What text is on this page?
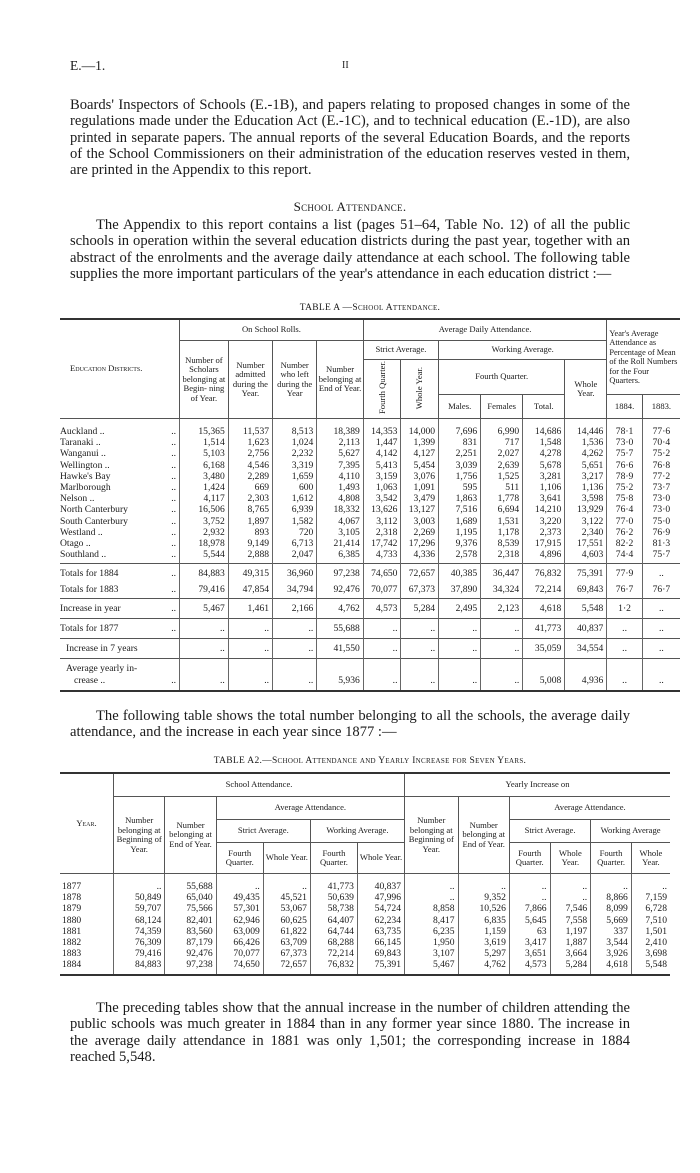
E.—1.	II

Boards' Inspectors of Schools (E.-1B), and papers relating to proposed changes in some of the regulations made under the Education Act (E.-1C), and to technical education (E.-1D), are also printed in separate papers. The annual reports of the several Education Boards, and the reports of the School Commissioners on their administration of the education reserves vested in them, are printed in the Appendix to this report.

School Attendance.

The Appendix to this report contains a list (pages 51–64, Table No. 12) of all the public schools in operation within the several education districts during the past year, together with an abstract of the enrolments and the average daily attendance at each school. The following table supplies the more important particulars of the year's attendance in each education district :—

TABLE A —School Attendance.
Education Districts.	On School Rolls.				Average Daily Attendance.						Year's Average Attendance as Percentage of Mean of the Roll Numbers for the Four Quarters.	
	Number of Scholars belonging at Begin- ning of Year.	Number admitted during the Year.	Number who left during the Year	Number belonging at End of Year.	Strict Average.		Working Average.					
					Fourth Quarter.	Whole Year.	Fourth Quarter.			Whole Year.		
							Males.	Females	Total.		1884.	1883.
Auckland .. ..	15,365	11,537	8,513	18,389	14,353	14,000	7,696	6,990	14,686	14,446	78·1	77·6
Taranaki .. ..	1,514	1,623	1,024	2,113	1,447	1,399	831	717	1,548	1,536	73·0	70·4
Wanganui .. ..	5,103	2,756	2,232	5,627	4,142	4,127	2,251	2,027	4,278	4,262	75·7	75·2
Wellington .. ..	6,168	4,546	3,319	7,395	5,413	5,454	3,039	2,639	5,678	5,651	76·6	76·8
Hawke's Bay ..	3,480	2,289	1,659	4,110	3,159	3,076	1,756	1,525	3,281	3,217	78·9	77·2
Marlborough ..	1,424	669	600	1,493	1,063	1,091	595	511	1,106	1,136	75·2	73·7
Nelson .. ..	4,117	2,303	1,612	4,808	3,542	3,479	1,863	1,778	3,641	3,598	75·8	73·0
North Canterbury ..	16,506	8,765	6,939	18,332	13,626	13,127	7,516	6,694	14,210	13,929	76·4	73·0
South Canterbury ..	3,752	1,897	1,582	4,067	3,112	3,003	1,689	1,531	3,220	3,122	77·0	75·0
Westland .. ..	2,932	893	720	3,105	2,318	2,269	1,195	1,178	2,373	2,340	76·2	76·9
Otago .. ..	18,978	9,149	6,713	21,414	17,742	17,296	9,376	8,539	17,915	17,551	82·2	81·3
Southland .. ..	5,544	2,888	2,047	6,385	4,733	4,336	2,578	2,318	4,896	4,603	74·4	75·7
Totals for 1884 ..	84,883	49,315	36,960	97,238	74,650	72,657	40,385	36,447	76,832	75,391	77·9	..
Totals for 1883 ..	79,416	47,854	34,794	92,476	70,077	67,373	37,890	34,324	72,214	69,843	76·7	76·7
Increase in year ..	5,467	1,461	2,166	4,762	4,573	5,284	2,495	2,123	4,618	5,548	1·2	..
Totals for 1877 ..	..	..	..	55,688	..	..	..	..	41,773	40,837	..	..
Increase in 7 years	..	..	..	41,550	..	..	..	..	35,059	34,554	..	..

Average yearly in-
crease .. ..	..	..	..	5,936	..	..	..	..	5,008	4,936	..	..

The following table shows the total number belonging to all the schools, the average daily attendance, and the increase in each year since 1877 :—

TABLE A2.—School Attendance and Yearly Increase for Seven Years.
Year.	School Attendance.						Yearly Increase on					
	Number belonging at Beginning of Year.	Number belonging at End of Year.	Average Attendance.				Number belonging at Beginning of Year.	Number belonging at End of Year.	Average Attendance.			
			Strict Average.		Working Average.				Strict Average.		Working Average	
			Fourth Quarter.	Whole Year.	Fourth Quarter.	Whole Year.			Fourth Quarter.	Whole Year.	Fourth Quarter.	Whole Year.
1877	..	55,688	..	..	41,773	40,837	..	..	..	..	..	..
1878	50,849	65,040	49,435	45,521	50,639	47,996	..	9,352	..	..	8,866	7,159
1879	59,707	75,566	57,301	53,067	58,738	54,724	8,858	10,526	7,866	7,546	8,099	6,728
1880	68,124	82,401	62,946	60,625	64,407	62,234	8,417	6,835	5,645	7,558	5,669	7,510
1881	74,359	83,560	63,009	61,822	64,744	63,735	6,235	1,159	63	1,197	337	1,501
1882	76,309	87,179	66,426	63,709	68,288	66,145	1,950	3,619	3,417	1,887	3,544	2,410
1883	79,416	92,476	70,077	67,373	72,214	69,843	3,107	5,297	3,651	3,664	3,926	3,698
1884	84,883	97,238	74,650	72,657	76,832	75,391	5,467	4,762	4,573	5,284	4,618	5,548

The preceding tables show that the annual increase in the number of children attending the public schools was much greater in 1884 than in any former year since 1880. The increase in the average daily attendance in 1881 was only 1,501; the corresponding increase in 1884 reached 5,548.
